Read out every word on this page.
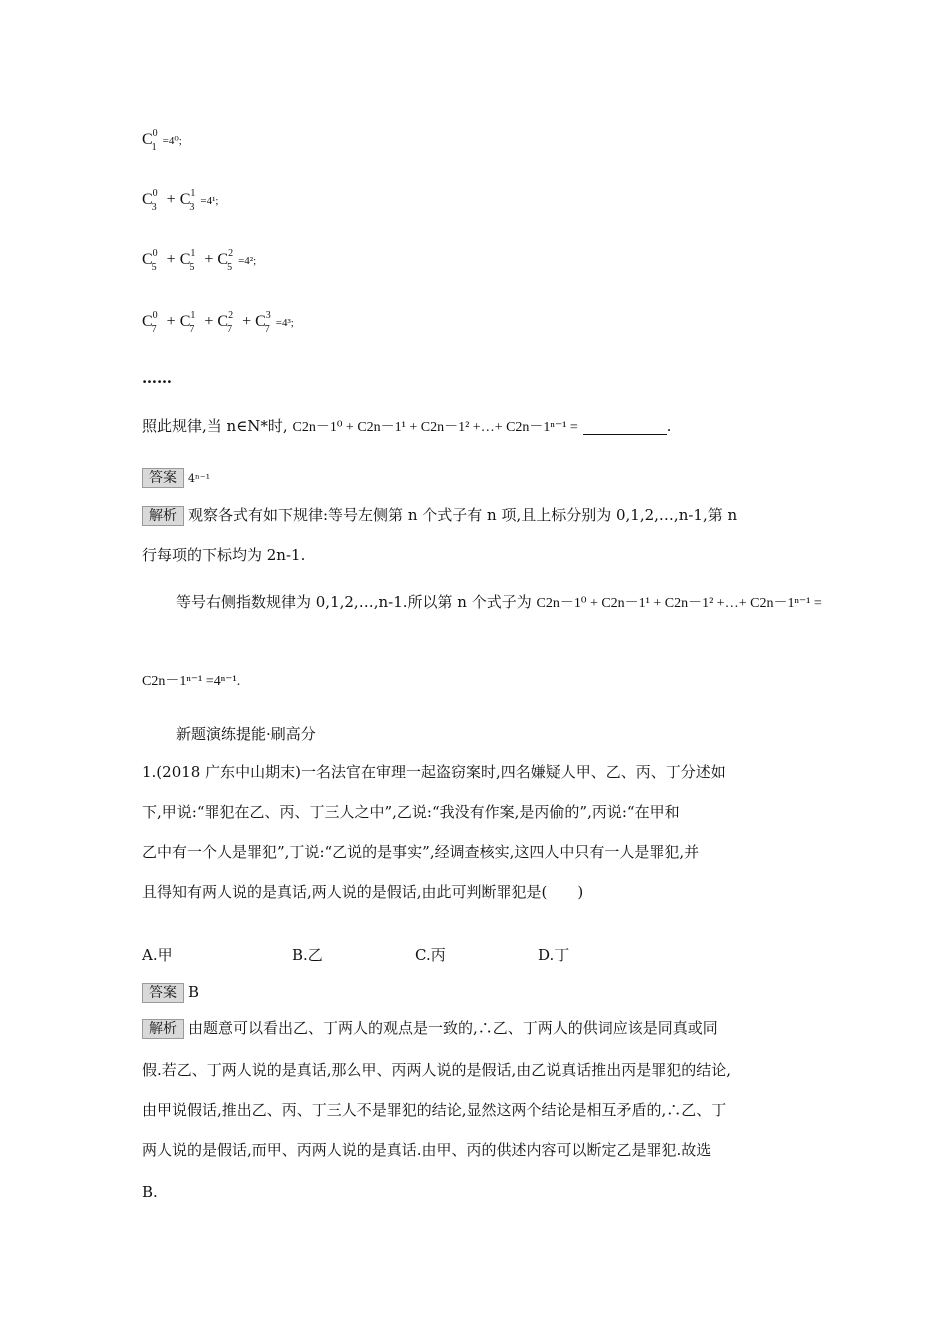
$C^0_1=4^0$;
$C^0_3 + C^1_3=4^1$;
$C^0_5 + C^1_5 + C^2_5=4^2$;
$C^0_7 + C^1_7 + C^2_7 + C^3_7=4^3$;
……
照此规律,当 n∈N*时, C2n－1⁰ + C2n－1¹ + C2n－1² +…+ C2n－1ⁿ⁻¹ =	.
答案 4ⁿ⁻¹
解析 观察各式有如下规律:等号左侧第 n 个式子有 n 项,且上标分别为 0,1,2,…,n-1,第 n
行每项的下标均为 2n-1.
等号右侧指数规律为 0,1,2,…,n-1.所以第 n 个式子为 C2n－1⁰ + C2n－1¹ + C2n－1² +…+ C2n－1ⁿ⁻¹ =
C2n－1ⁿ⁻¹ =4ⁿ⁻¹.
新题演练提能·刷高分
1.(2018 广东中山期末)一名法官在审理一起盗窃案时,四名嫌疑人甲、乙、丙、丁分述如
下,甲说:“罪犯在乙、丙、丁三人之中”,乙说:“我没有作案,是丙偷的”,丙说:“在甲和
乙中有一个人是罪犯”,丁说:“乙说的是事实”,经调查核实,这四人中只有一人是罪犯,并
且得知有两人说的是真话,两人说的是假话,由此可判断罪犯是(　　)
A.甲	B.乙	C.丙	D.丁
答案 B
解析 由题意可以看出乙、丁两人的观点是一致的,∴乙、丁两人的供词应该是同真或同
假.若乙、丁两人说的是真话,那么甲、丙两人说的是假话,由乙说真话推出丙是罪犯的结论,
由甲说假话,推出乙、丙、丁三人不是罪犯的结论,显然这两个结论是相互矛盾的,∴乙、丁
两人说的是假话,而甲、丙两人说的是真话.由甲、丙的供述内容可以断定乙是罪犯.故选
B.
